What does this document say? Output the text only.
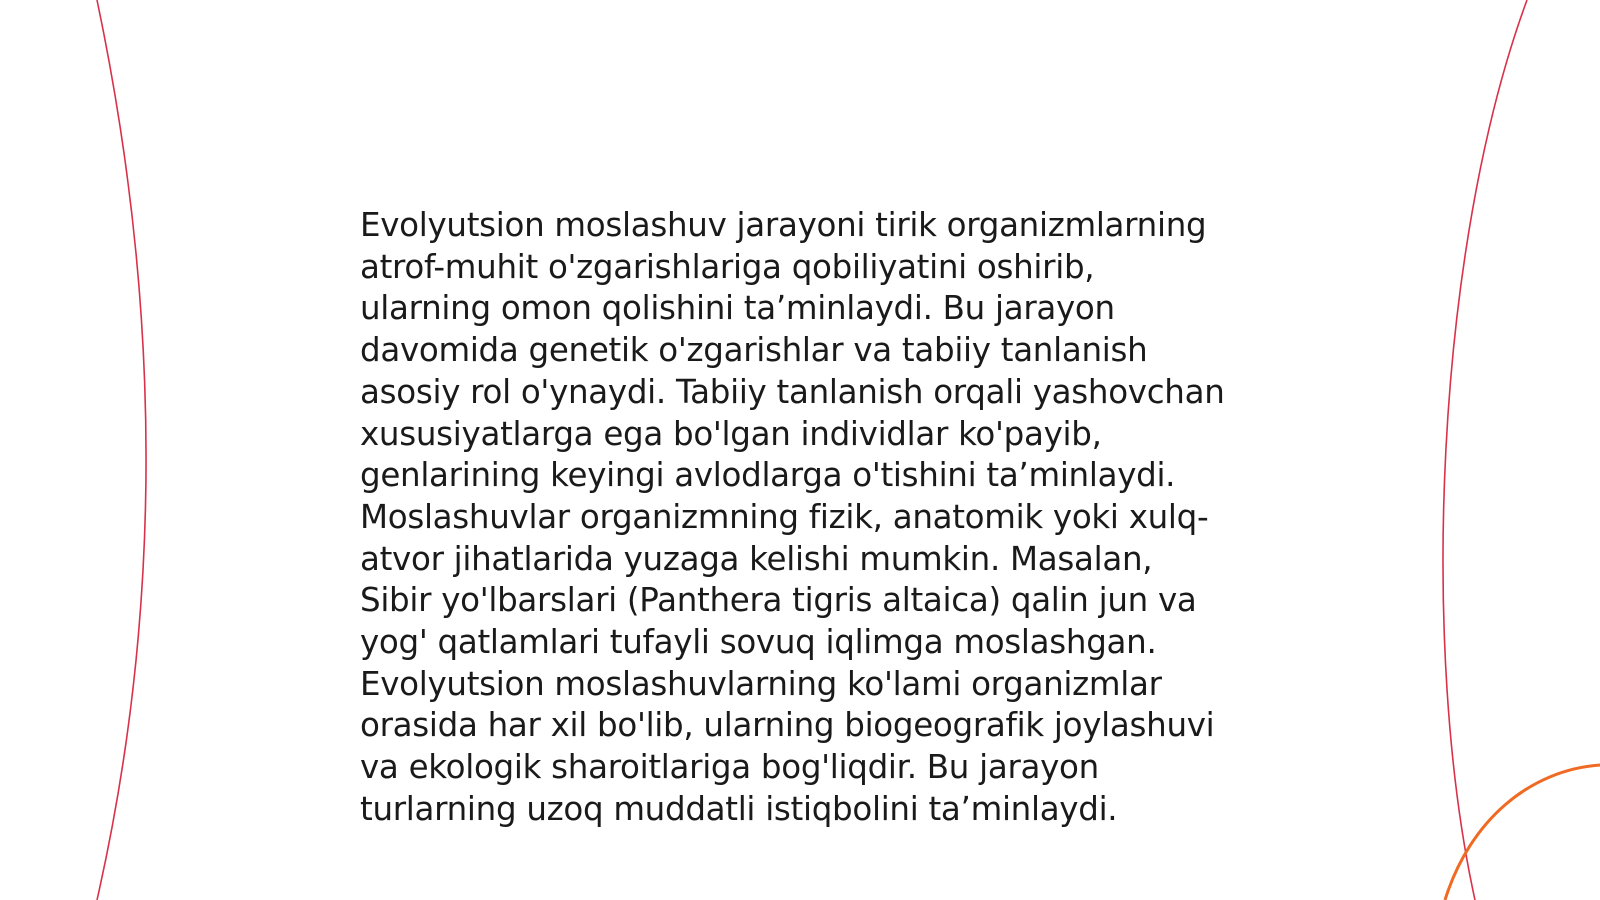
Evolyutsion moslashuv jarayoni tirik organizmlarning
atrof-muhit o'zgarishlariga qobiliyatini oshirib,
ularning omon qolishini ta’minlaydi. Bu jarayon
davomida genetik o'zgarishlar va tabiiy tanlanish
asosiy rol o'ynaydi. Tabiiy tanlanish orqali yashovchan
xususiyatlarga ega bo'lgan individlar ko'payib,
genlarining keyingi avlodlarga o'tishini ta’minlaydi.
Moslashuvlar organizmning fizik, anatomik yoki xulq-
atvor jihatlarida yuzaga kelishi mumkin. Masalan,
Sibir yo'lbarslari (Panthera tigris altaica) qalin jun va
yog' qatlamlari tufayli sovuq iqlimga moslashgan.
Evolyutsion moslashuvlarning ko'lami organizmlar
orasida har xil bo'lib, ularning biogeografik joylashuvi
va ekologik sharoitlariga bog'liqdir. Bu jarayon
turlarning uzoq muddatli istiqbolini ta’minlaydi.
